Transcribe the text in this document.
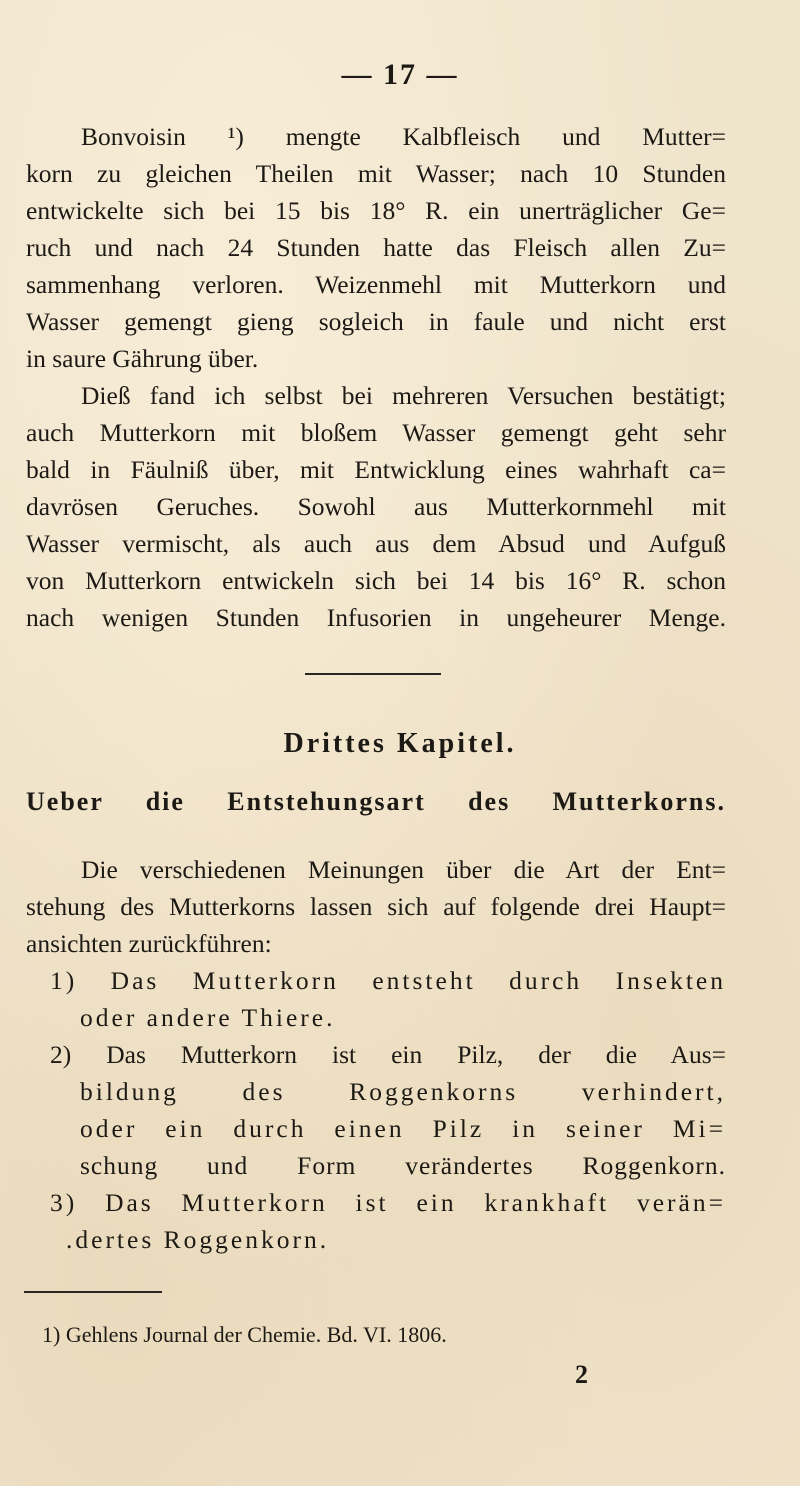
— 17 —
Bonvoisin ¹) mengte Kalbfleisch und Mutter=
korn zu gleichen Theilen mit Wasser; nach 10 Stunden
entwickelte sich bei 15 bis 18° R. ein unerträglicher Ge=
ruch und nach 24 Stunden hatte das Fleisch allen Zu=
sammenhang verloren. Weizenmehl mit Mutterkorn und
Wasser gemengt gieng sogleich in faule und nicht erst
in saure Gährung über.
Dieß fand ich selbst bei mehreren Versuchen bestätigt;
auch Mutterkorn mit bloßem Wasser gemengt geht sehr
bald in Fäulniß über, mit Entwicklung eines wahrhaft ca=
davrösen Geruches. Sowohl aus Mutterkornmehl mit
Wasser vermischt, als auch aus dem Absud und Aufguß
von Mutterkorn entwickeln sich bei 14 bis 16° R. schon
nach wenigen Stunden Infusorien in ungeheurer Menge.
Drittes Kapitel.
Ueber die Entstehungsart des Mutterkorns.
Die verschiedenen Meinungen über die Art der Ent=
stehung des Mutterkorns lassen sich auf folgende drei Haupt=
ansichten zurückführen:
1) Das Mutterkorn entsteht durch Insekten
oder andere Thiere.
2) Das Mutterkorn ist ein Pilz, der die Aus=
bildung des Roggenkorns verhindert,
oder ein durch einen Pilz in seiner Mi=
schung und Form verändertes Roggenkorn.
3) Das Mutterkorn ist ein krankhaft verän=
.dertes Roggenkorn.
1) Gehlens Journal der Chemie. Bd. VI. 1806.
2
